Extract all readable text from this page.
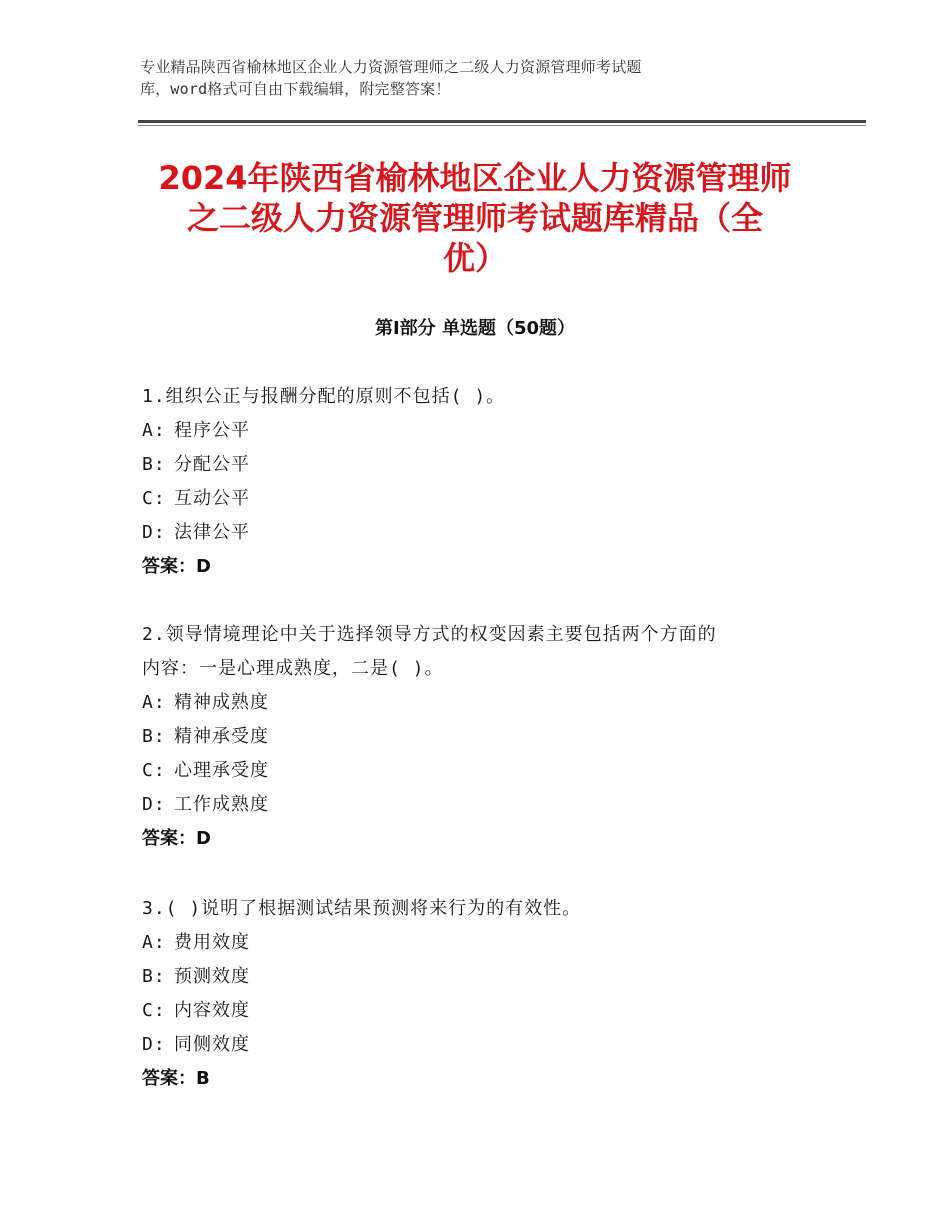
专业精品陕西省榆林地区企业人力资源管理师之二级人力资源管理师考试题
库，word格式可自由下载编辑，附完整答案！
2024年陕西省榆林地区企业人力资源管理师
之二级人力资源管理师考试题库精品（全
优）
第Ⅰ部分 单选题（50题）
1.组织公正与报酬分配的原则不包括( )。
A: 程序公平
B: 分配公平
C: 互动公平
D: 法律公平
答案：D
2.领导情境理论中关于选择领导方式的权变因素主要包括两个方面的
内容：一是心理成熟度，二是( )。
A: 精神成熟度
B: 精神承受度
C: 心理承受度
D: 工作成熟度
答案：D
3.( )说明了根据测试结果预测将来行为的有效性。
A: 费用效度
B: 预测效度
C: 内容效度
D: 同侧效度
答案：B
